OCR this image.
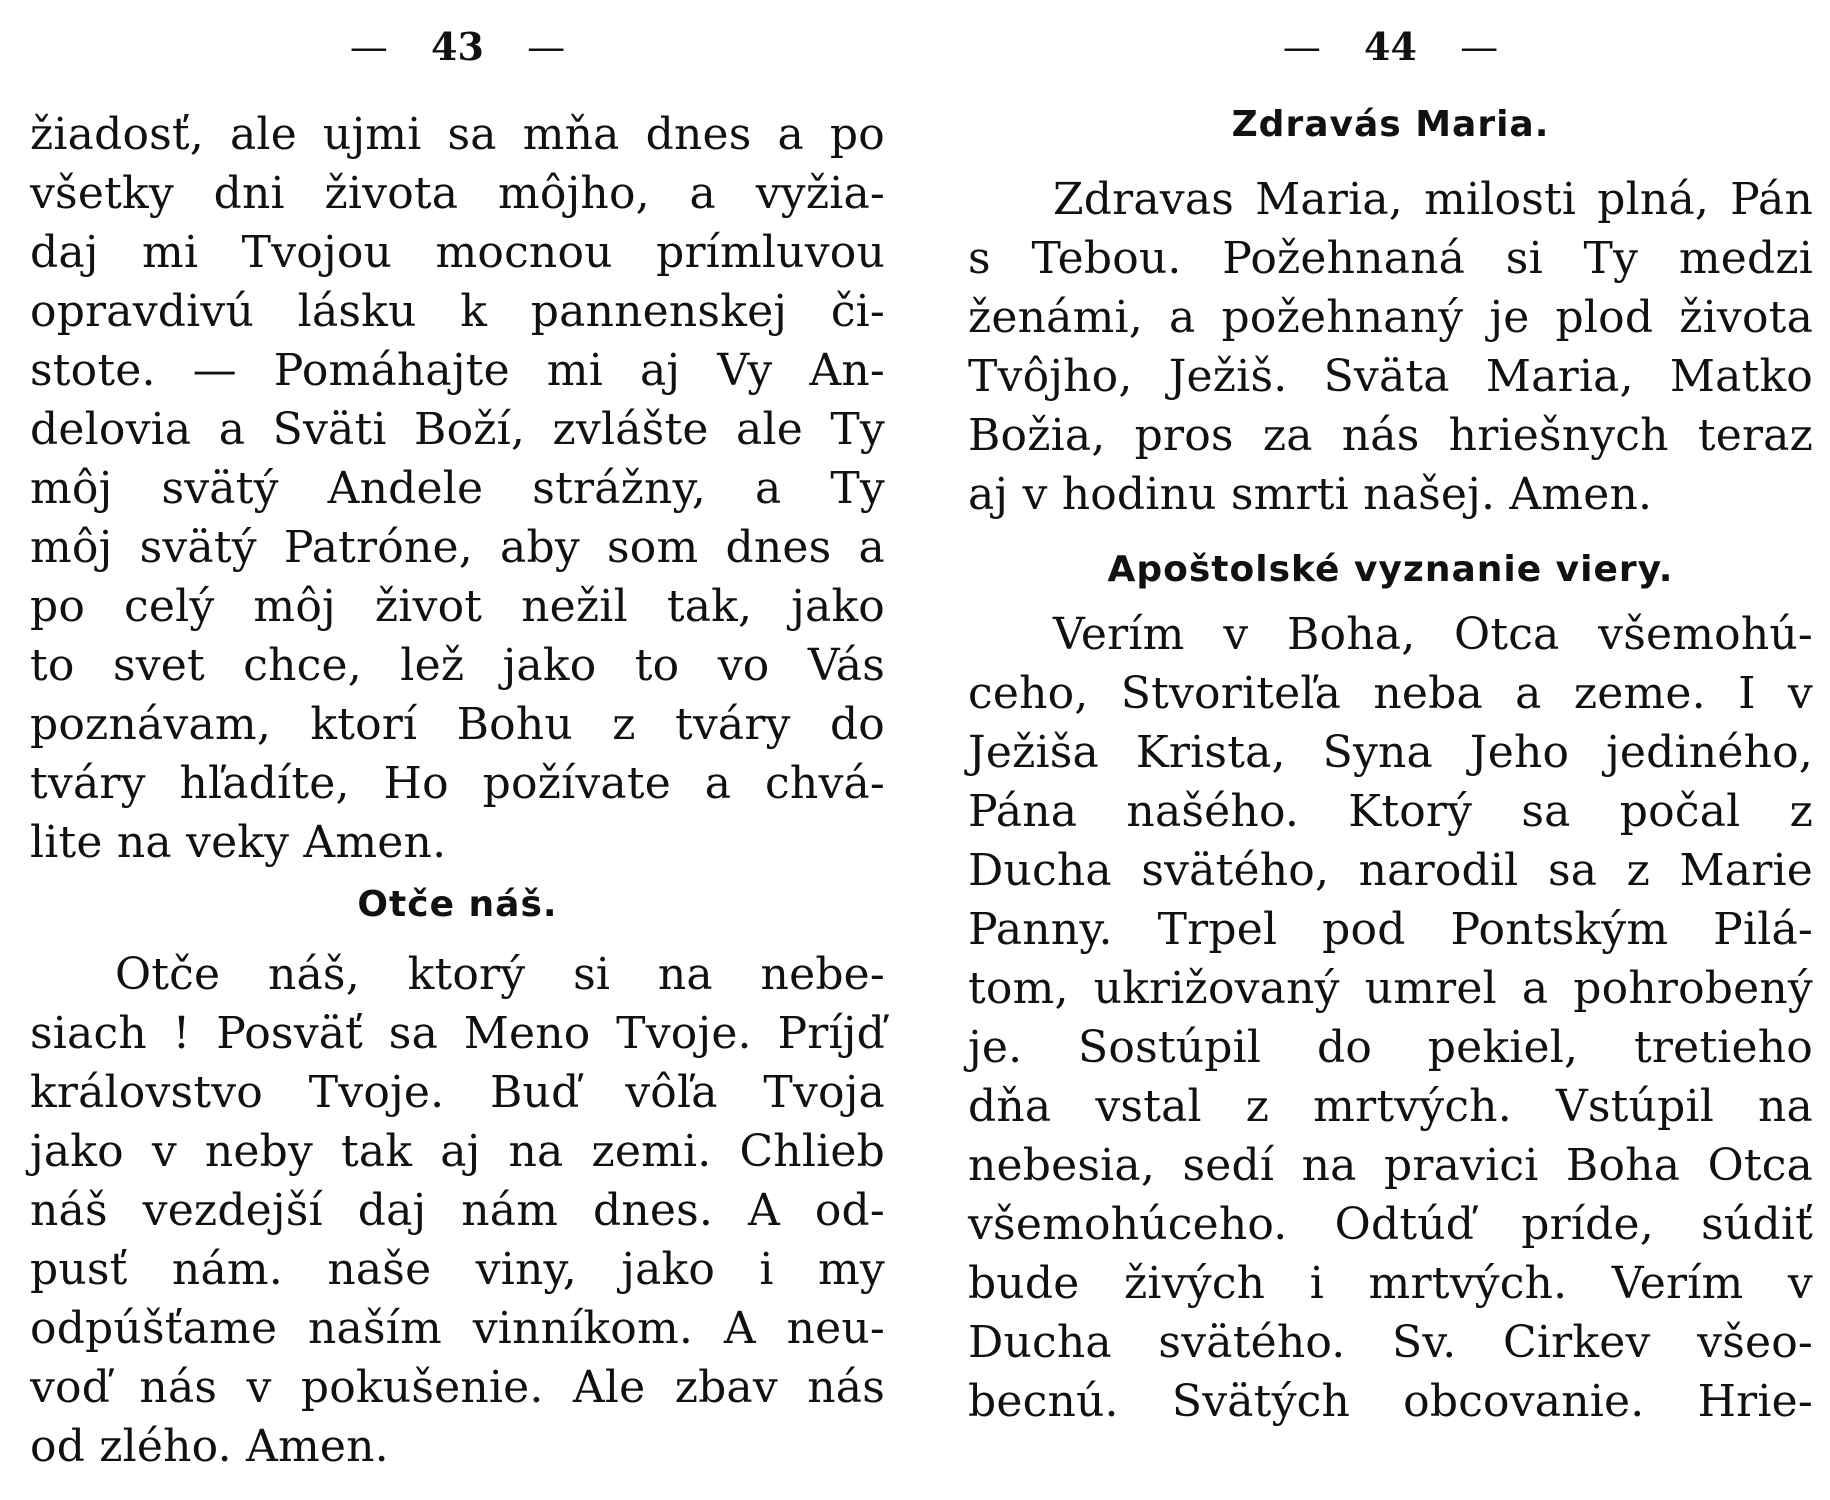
— 43 —
žiadosť, ale ujmi sa mňa dnes a po
všetky dni života môjho, a vyžia-
daj mi Tvojou mocnou prímluvou
opravdivú lásku k pannenskej či-
stote. — Pomáhajte mi aj Vy An-
delovia a Sväti Boží, zvlášte ale Ty
môj svätý Andele strážny, a Ty
môj svätý Patróne, aby som dnes a
po celý môj život nežil tak, jako
to svet chce, lež jako to vo Vás
poznávam, ktorí Bohu z tváry do
tváry hľadíte, Ho požívate a chvá-
lite na veky Amen.
Otče náš.
Otče náš, ktorý si na nebe-
siach ! Posväť sa Meno Tvoje. Príjď
královstvo Tvoje. Buď vôľa Tvoja
jako v neby tak aj na zemi. Chlieb
náš vezdejší daj nám dnes. A od-
pusť nám. naše viny, jako i my
odpúšťame naším vinníkom. A neu-
voď nás v pokušenie. Ale zbav nás
od zlého. Amen.
— 44 —
Zdravás Maria.
Zdravas Maria, milosti plná, Pán
s Tebou. Požehnaná si Ty medzi
ženámi, a požehnaný je plod života
Tvôjho, Ježiš. Sväta Maria, Matko
Božia, pros za nás hriešnych teraz
aj v hodinu smrti našej. Amen.
Apoštolské vyznanie viery.
Verím v Boha, Otca všemohú-
ceho, Stvoriteľa neba a zeme. I v
Ježiša Krista, Syna Jeho jediného,
Pána našého. Ktorý sa počal z
Ducha svätého, narodil sa z Marie
Panny. Trpel pod Pontským Pilá-
tom, ukrižovaný umrel a pohrobený
je. Sostúpil do pekiel, tretieho
dňa vstal z mrtvých. Vstúpil na
nebesia, sedí na pravici Boha Otca
všemohúceho. Odtúď príde, súdiť
bude živých i mrtvých. Verím v
Ducha svätého. Sv. Cirkev všeo-
becnú. Svätých obcovanie. Hrie-
